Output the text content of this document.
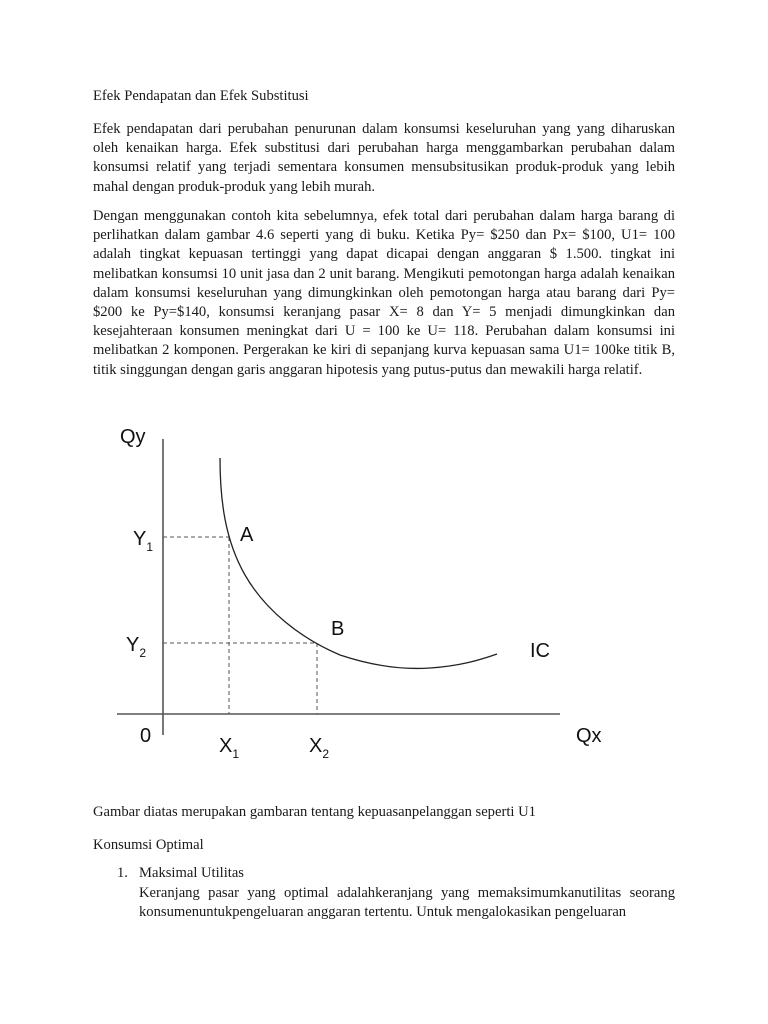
Efek Pendapatan dan Efek Substitusi

Efek pendapatan dari perubahan penurunan dalam konsumsi keseluruhan yang yang diharuskan oleh kenaikan harga. Efek substitusi dari perubahan harga menggambarkan perubahan dalam konsumsi relatif yang terjadi sementara konsumen mensubsitusikan produk-produk yang lebih mahal dengan produk-produk yang lebih murah.

Dengan menggunakan contoh kita sebelumnya, efek total dari perubahan dalam harga barang di perlihatkan dalam gambar 4.6 seperti yang di buku. Ketika Py= $250 dan Px= $100, U1= 100 adalah tingkat kepuasan tertinggi yang dapat dicapai dengan anggaran $ 1.500. tingkat ini melibatkan konsumsi 10 unit jasa dan 2 unit barang. Mengikuti pemotongan harga adalah kenaikan dalam konsumsi keseluruhan yang dimungkinkan oleh pemotongan harga atau barang dari Py= $200 ke Py=$140, konsumsi keranjang pasar X= 8 dan Y= 5 menjadi dimungkinkan dan kesejahteraan konsumen meningkat dari U = 100 ke U= 118. Perubahan dalam konsumsi ini melibatkan 2 komponen. Pergerakan ke kiri di sepanjang kurva kepuasan sama U1= 100ke titik B, titik singgungan dengan garis anggaran hipotesis yang putus-putus dan mewakili harga relatif.

Qy
Qx
0
$Y_1$
$Y_2$
$X_1$	$X_2$
A
B
IC
Gambar diatas merupakan gambaran tentang kepuasanpelanggan seperti U1
Konsumsi Optimal
1. Maksimal Utilitas

Keranjang pasar yang optimal adalahkeranjang yang memaksimumkanutilitas seorang konsumenuntukpengeluaran anggaran tertentu. Untuk mengalokasikan pengeluaran
